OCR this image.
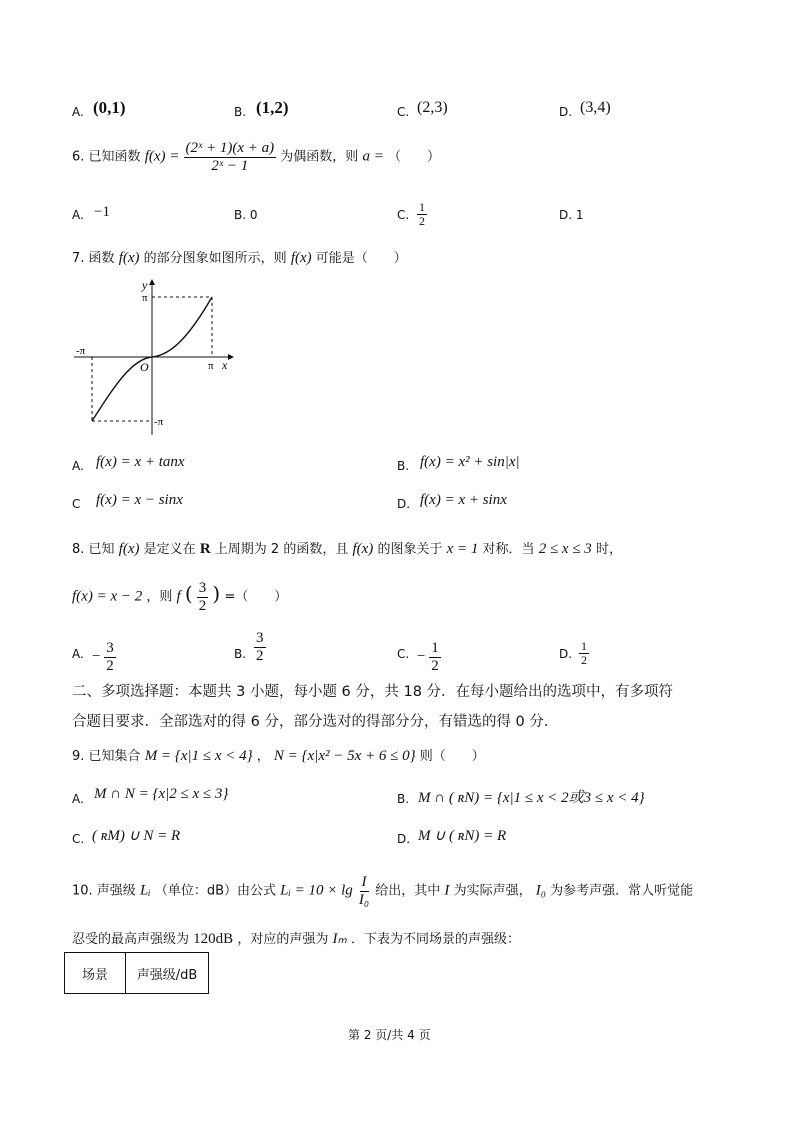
A. (0,1)	B. (1,2)	C. (2,3)	D. (3,4)
6. 已知函数 $f(x) = \frac{\text{(2ˣ + 1)(x + a)}}{\text{2ˣ − 1}}$ 为偶函数，则 a = （　　）
A. −1	B. 0	C. $\frac{1}{2}$	D. 1
7. 函数 f(x) 的部分图象如图所示，则 f(x) 可能是（　　）
y
π
-π
O	π x
-π
A. f(x) = x + tanx	B. f(x) = x² + sin|x|
C f(x) = x − sinx	D. f(x) = x + sinx
8. 已知 f(x) 是定义在 R 上周期为 2 的函数，且 f(x) 的图象关于 x = 1 对称．当 2 ≤ x ≤ 3 时，
f(x) = x − 2 ，则 f ( $\frac{3}{2}$ ) =（　　）
A. − $\frac{3}{2}$	B. $\frac{3}{2}$	C. − $\frac{1}{2}$	D. $\frac{1}{2}$
二、多项选择题：本题共 3 小题，每小题 6 分，共 18 分．在每小题给出的选项中，有多项符
合题目要求．全部选对的得 6 分，部分选对的得部分分，有错选的得 0 分．
9. 已知集合 M = {x|1 ≤ x < 4} ， N = {x|x² − 5x + 6 ≤ 0} 则（　　）
A. M ∩ N = {x|2 ≤ x ≤ 3}	B. M ∩ ( ʀN) = {x|1 ≤ x < 2或3 ≤ x < 4}
C. ( ʀM) ∪ N = R	D. M ∪ ( ʀN) = R
10. 声强级 Lᵢ （单位：dB）由公式 Lᵢ = $10 \times \lg \frac{I}{\text{I₀}}$ 给出，其中 I 为实际声强， I₀ 为参考声强．常人听觉能
忍受的最高声强级为 120dB ，对应的声强为 Iₘ ．下表为不同场景的声强级：
场景	声强级/dB
第 2 页/共 4 页
